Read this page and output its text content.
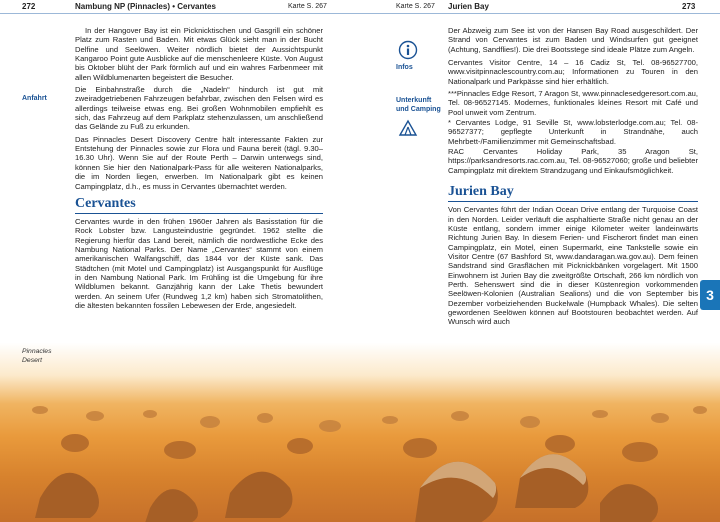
272	Nambung NP (Pinnacles) • Cervantes	Karte S. 267
Anfahrt

In der Hangover Bay ist ein Picknicktischen und Gasgrill ein schöner Platz zum Rasten und Baden. Mit etwas Glück sieht man in der Bucht Delfine und Seelöwen. Weiter nördlich bietet der Aussichtspunkt Kangaroo Point gute Ausblicke auf die menschenleere Küste. Von August bis Oktober blüht der Park förmlich auf und ein wahres Farbenmeer mit allen Wildblumenarten begeistert die Besucher.

Die Einbahnstraße durch die „Nadeln“ hindurch ist gut mit zweiradgetriebenen Fahrzeugen befahrbar, zwischen den Felsen wird es allerdings teilweise etwas eng. Bei großen Wohnmobilen empfiehlt es sich, das Fahrzeug auf dem Parkplatz stehenzulassen, um anschließend das Gelände zu Fuß zu erkunden.

Das Pinnacles Desert Discovery Centre hält interessante Fakten zur Entstehung der Pinnacles sowie zur Flora und Fauna bereit (tägl. 9.30–16.30 Uhr). Wenn Sie auf der Route Perth – Darwin unterwegs sind, können Sie hier den Nationalpark-Pass für alle weiteren Nationalparks, die im Norden liegen, erwerben. Im Nationalpark gibt es keinen Campingplatz, d.h., es muss in Cervantes übernachtet werden.

Cervantes

Cervantes wurde in den frühen 1960er Jahren als Basisstation für die Rock Lobster bzw. Langusteindustrie gegründet. 1962 stellte die Regierung hierfür das Land bereit, nämlich die nordwestliche Ecke des Nambung National Parks. Der Name „Cervantes“ stammt von einem amerikanischen Walfangschiff, das 1844 vor der Küste sank. Das Städtchen (mit Motel und Campingplatz) ist Ausgangspunkt für Ausflüge in den Nambung National Park. Im Frühling ist die Umgebung für ihre Wildblumen bekannt. Ganzjährig kann der Lake Thetis bewundert werden. An seinem Ufer (Rundweg 1,2 km) haben sich Stromatolithen, die ältesten bekannten fossilen Lebewesen der Erde, angesiedelt.

Pinnacles Desert
Karte S. 267 Jurien Bay	273
Infos
Unterkunft und Camping

Der Abzweig zum See ist von der Hansen Bay Road ausgeschildert. Der Strand von Cervantes ist zum Baden und Windsurfen gut geeignet (Achtung, Sandflies!). Die drei Bootsstege sind ideale Plätze zum Angeln.

Cervantes Visitor Centre, 14 – 16 Cadiz St, Tel. 08-96527700, www.visitpinnaclescountry.com.au; Informationen zu Touren in den Nationalpark und Parkpässe sind hier erhältlich.

***Pinnacles Edge Resort, 7 Aragon St, www.pinnaclesedgeresort.com.au, Tel. 08-96527145. Modernes, funktionales kleines Resort mit Café und Pool unweit vom Zentrum.

* Cervantes Lodge, 91 Seville St, www.lobsterlodge.com.au; Tel. 08-96527377; gepflegte Unterkunft in Strandnähe, auch Mehrbett-/Familienzimmer mit Gemeinschaftsbad.

RAC Cervantes Holiday Park, 35 Aragon St, https://parksandresorts.rac.com.au, Tel. 08-96527060; große und beliebter Campingplatz mit direktem Strandzugang und Einkaufsmöglichkeit.

Jurien Bay

Von Cervantes führt der Indian Ocean Drive entlang der Turquoise Coast in den Norden. Leider verläuft die asphaltierte Straße nicht genau an der Küste entlang, sondern immer einige Kilometer weiter landeinwärts Richtung Jurien Bay. In diesem Ferien- und Fischerort findet man einen Campingplatz, ein Motel, einen Supermarkt, eine Tankstelle sowie ein Visitor Centre (67 Bashford St, www.dandaragan.wa.gov.au). Dem feinen Sandstrand sind Grasflächen mit Picknickbänken vorgelagert. Mit 1500 Einwohnern ist Jurien Bay die zweitgrößte Ortschaft, 266 km nördlich von Perth. Sehenswert sind die in dieser Küstenregion vorkommenden Seelöwen-Kolonien (Australian Sealions) und die von September bis Dezember vorbeiziehenden Buckelwale (Humpback Whales). Die selten gewordenen Seelöwen können auf Bootstouren beobachtet werden. Auf Wunsch wird auch

3
